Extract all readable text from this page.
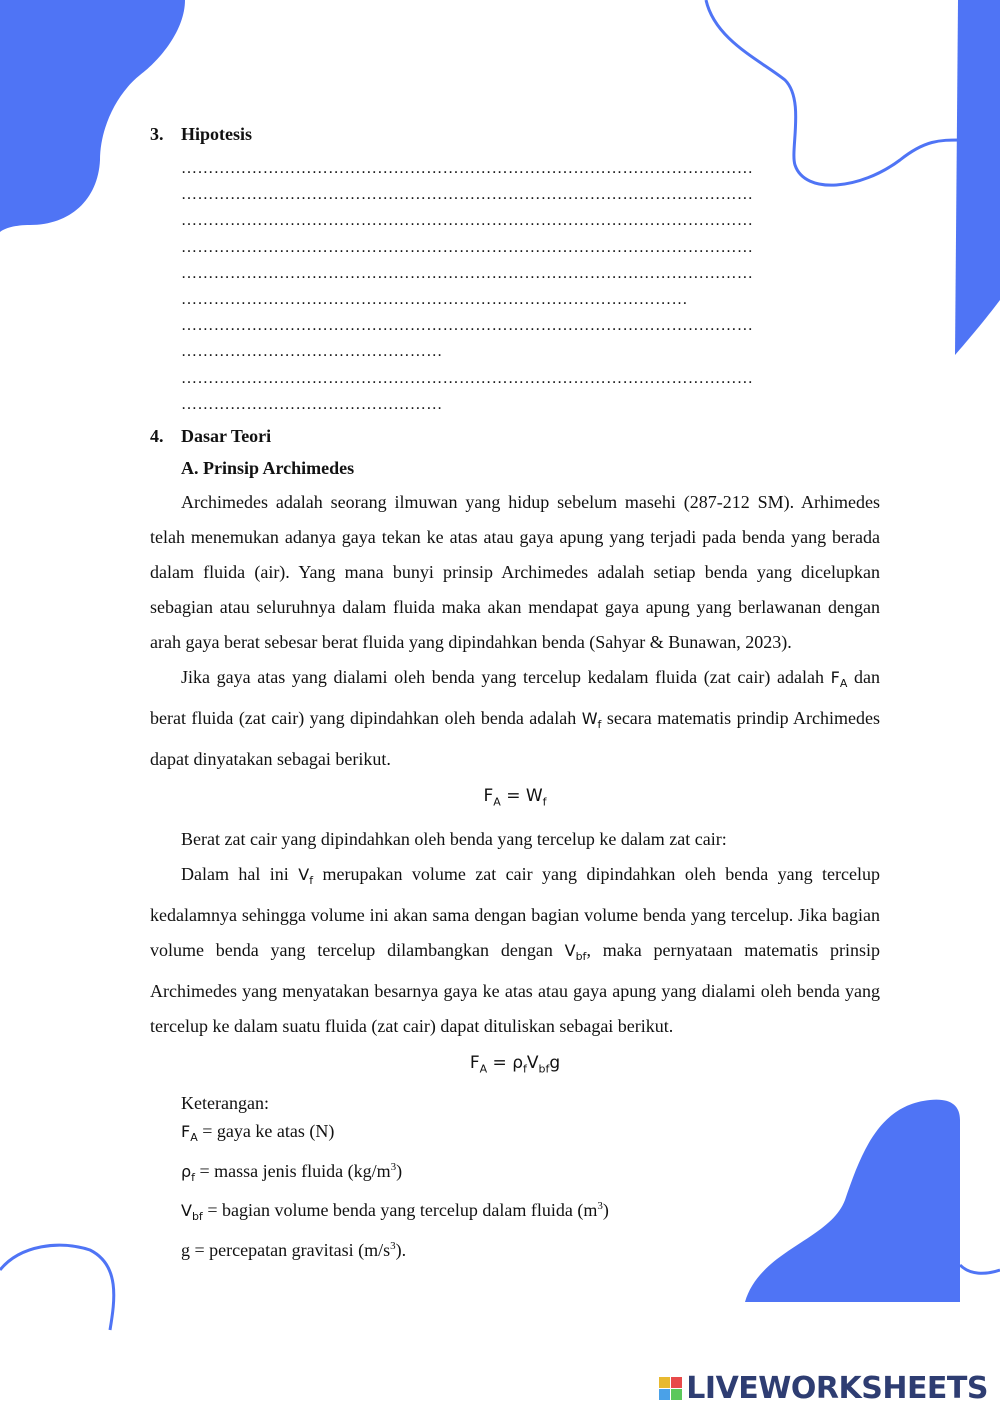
3. Hipotesis
……………………………………………………………………………………………
……………………………………………………………………………………………
……………………………………………………………………………………………
……………………………………………………………………………………………
……………………………………………………………………………………………
…………………………………………………………………………………
……………………………………………………………………………………………
…………………………………………
……………………………………………………………………………………………
…………………………………………
4. Dasar Teori
A. Prinsip Archimedes

Archimedes adalah seorang ilmuwan yang hidup sebelum masehi (287-212 SM). Arhimedes telah menemukan adanya gaya tekan ke atas atau gaya apung yang terjadi pada benda yang berada dalam fluida (air). Yang mana bunyi prinsip Archimedes adalah setiap benda yang dicelupkan sebagian atau seluruhnya dalam fluida maka akan mendapat gaya apung yang berlawanan dengan arah gaya berat sebesar berat fluida yang dipindahkan benda (Sahyar & Bunawan, 2023).

Jika gaya atas yang dialami oleh benda yang tercelup kedalam fluida (zat cair) adalah $F_A$ dan berat fluida (zat cair) yang dipindahkan oleh benda adalah $W_f$ secara matematis prindip Archimedes dapat dinyatakan sebagai berikut.

$F_A = W_f$

Berat zat cair yang dipindahkan oleh benda yang tercelup ke dalam zat cair:

Dalam hal ini $V_f$ merupakan volume zat cair yang dipindahkan oleh benda yang tercelup kedalamnya sehingga volume ini akan sama dengan bagian volume benda yang tercelup. Jika bagian volume benda yang tercelup dilambangkan dengan $V_{bf}$, maka pernyataan matematis prinsip Archimedes yang menyatakan besarnya gaya ke atas atau gaya apung yang dialami oleh benda yang tercelup ke dalam suatu fluida (zat cair) dapat dituliskan sebagai berikut.

$F_A = \rho_fV_{bf}g$
Keterangan:
$F_A$ = gaya ke atas (N)
$\rho_f$ = massa jenis fluida $(kg/m^3)$
$V_{bf}$ = bagian volume benda yang tercelup dalam fluida $(m^3)$
g = percepatan gravitasi $(m/s^3)$.
LIVEWORKSHEETS
